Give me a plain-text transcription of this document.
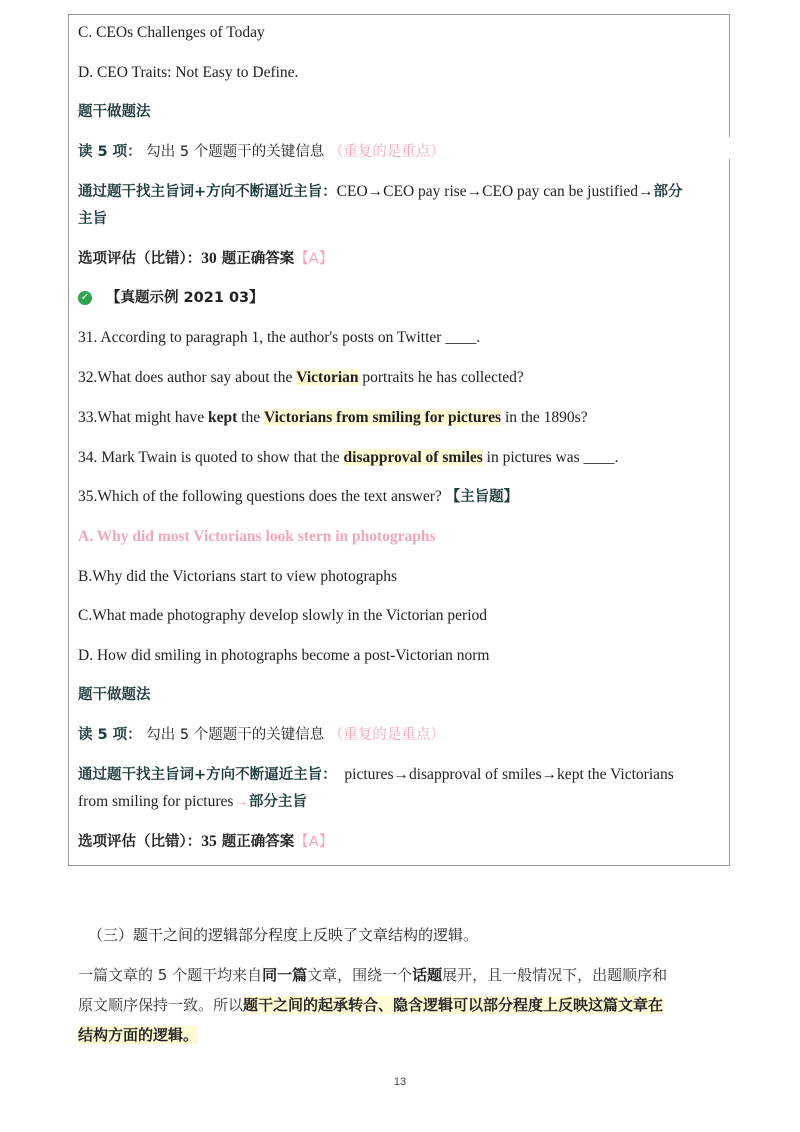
C. CEOs Challenges of Today
D. CEO Traits: Not Easy to Define.
题干做题法
读 5 项： 勾出 5 个题题干的关键信息 （重复的是重点）
通过题干找主旨词+方向不断逼近主旨：CEO→CEO pay rise→CEO pay can be justified→部分
主旨
选项评估（比错）：30 题正确答案【A】
✓ 【真题示例 2021 03】
31. According to paragraph 1, the author's posts on Twitter ____.
32.What does author say about the Victorian portraits he has collected?
33.What might have kept the Victorians from smiling for pictures in the 1890s?
34. Mark Twain is quoted to show that the disapproval of smiles in pictures was ____.
35.Which of the following questions does the text answer? 【主旨题】
A. Why did most Victorians look stern in photographs
B.Why did the Victorians start to view photographs
C.What made photography develop slowly in the Victorian period
D. How did smiling in photographs become a post-Victorian norm
题干做题法
读 5 项： 勾出 5 个题题干的关键信息 （重复的是重点）
通过题干找主旨词+方向不断逼近主旨： pictures→disapproval of smiles→kept the Victorians
from smiling for pictures→部分主旨
选项评估（比错）：35 题正确答案【A】
（三）题干之间的逻辑部分程度上反映了文章结构的逻辑。
一篇文章的 5 个题干均来自同一篇文章，围绕一个话题展开，且一般情况下，出题顺序和
原文顺序保持一致。所以题干之间的起承转合、隐含逻辑可以部分程度上反映这篇文章在
结构方面的逻辑。
13
